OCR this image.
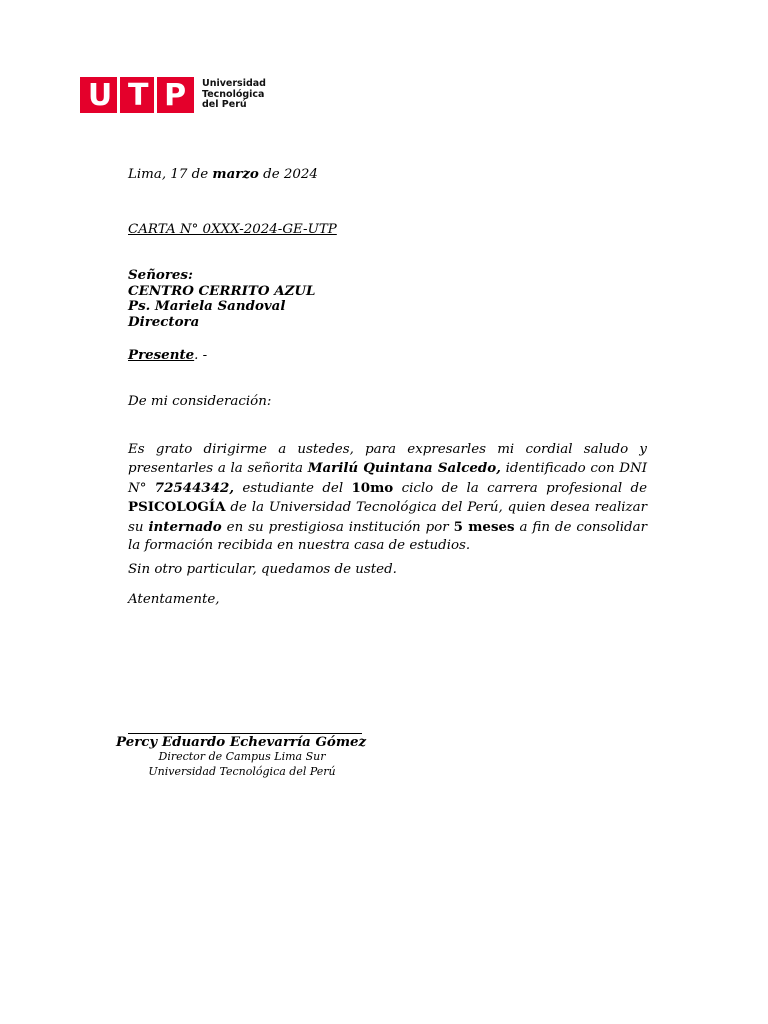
U T P Universidad
Tecnológica
del Perú
Lima, 17 de marzo de 2024
CARTA N° 0XXX-2024-GE-UTP
Señores:
CENTRO CERRITO AZUL
Ps. Mariela Sandoval
Directora
Presente. -
De mi consideración:
Es grato dirigirme a ustedes, para expresarles mi cordial saludo y presentarles a la señorita Marilú Quintana Salcedo, identificado con DNI N° 72544342, estudiante del 10mo ciclo de la carrera profesional de PSICOLOGÍA de la Universidad Tecnológica del Perú, quien desea realizar su internado en su prestigiosa institución por 5 meses a fin de consolidar la formación recibida en nuestra casa de estudios.
Sin otro particular, quedamos de usted.
Atentamente,
Percy Eduardo Echevarría Gómez
Director de Campus Lima Sur
Universidad Tecnológica del Perú
